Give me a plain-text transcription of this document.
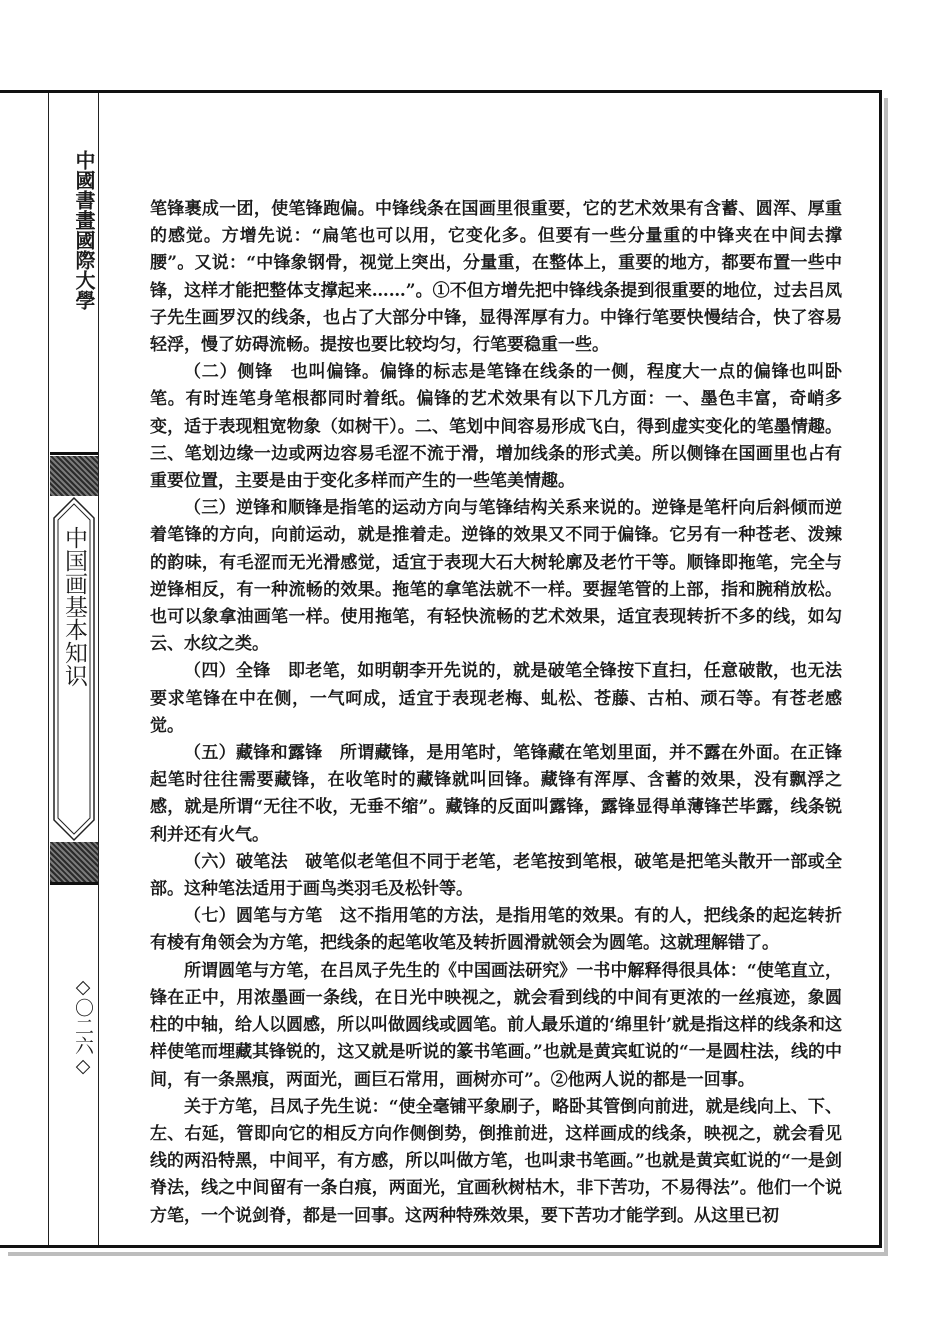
中國書畫國際大學
中国画基本知识
◇〇二六◇

笔锋裹成一团，使笔锋跑偏。中锋线条在国画里很重要，它的艺术效果有含蓄、圆浑、厚重的感觉。方增先说：“扁笔也可以用，它变化多。但要有一些分量重的中锋夹在中间去撑腰”。又说：“中锋象钢骨，视觉上突出，分量重，在整体上，重要的地方，都要布置一些中锋，这样才能把整体支撑起来……”。①不但方增先把中锋线条提到很重要的地位，过去吕凤子先生画罗汉的线条，也占了大部分中锋，显得浑厚有力。中锋行笔要快慢结合，快了容易轻浮，慢了妨碍流畅。提按也要比较均匀，行笔要稳重一些。

（二）侧锋　也叫偏锋。偏锋的标志是笔锋在线条的一侧，程度大一点的偏锋也叫卧笔。有时连笔身笔根都同时着纸。偏锋的艺术效果有以下几方面：一、墨色丰富，奇峭多变，适于表现粗宽物象（如树干）。二、笔划中间容易形成飞白，得到虚实变化的笔墨情趣。三、笔划边缘一边或两边容易毛涩不流于滑，增加线条的形式美。所以侧锋在国画里也占有重要位置，主要是由于变化多样而产生的一些笔美情趣。

（三）逆锋和顺锋是指笔的运动方向与笔锋结构关系来说的。逆锋是笔杆向后斜倾而逆着笔锋的方向，向前运动，就是推着走。逆锋的效果又不同于偏锋。它另有一种苍老、泼辣的韵味，有毛涩而无光滑感觉，适宜于表现大石大树轮廓及老竹干等。顺锋即拖笔，完全与逆锋相反，有一种流畅的效果。拖笔的拿笔法就不一样。要握笔管的上部，指和腕稍放松。也可以象拿油画笔一样。使用拖笔，有轻快流畅的艺术效果，适宜表现转折不多的线，如勾云、水纹之类。

（四）全锋　即老笔，如明朝李开先说的，就是破笔全锋按下直扫，任意破散，也无法要求笔锋在中在侧，一气呵成，适宜于表现老梅、虬松、苍藤、古柏、顽石等。有苍老感觉。

（五）藏锋和露锋　所谓藏锋，是用笔时，笔锋藏在笔划里面，并不露在外面。在正锋起笔时往往需要藏锋，在收笔时的藏锋就叫回锋。藏锋有浑厚、含蓄的效果，没有飘浮之感，就是所谓“无往不收，无垂不缩”。藏锋的反面叫露锋，露锋显得单薄锋芒毕露，线条锐利并还有火气。

（六）破笔法　破笔似老笔但不同于老笔，老笔按到笔根，破笔是把笔头散开一部或全部。这种笔法适用于画鸟类羽毛及松针等。

（七）圆笔与方笔　这不指用笔的方法，是指用笔的效果。有的人，把线条的起迄转折有棱有角领会为方笔，把线条的起笔收笔及转折圆滑就领会为圆笔。这就理解错了。

所谓圆笔与方笔，在吕凤子先生的《中国画法研究》一书中解释得很具体：“使笔直立，锋在正中，用浓墨画一条线，在日光中映视之，就会看到线的中间有更浓的一丝痕迹，象圆柱的中轴，给人以圆感，所以叫做圆线或圆笔。前人最乐道的‘绵里针’就是指这样的线条和这样使笔而埋藏其锋锐的，这又就是听说的篆书笔画。”也就是黄宾虹说的“一是圆柱法，线的中间，有一条黑痕，两面光，画巨石常用，画树亦可”。②他两人说的都是一回事。

关于方笔，吕凤子先生说：“使全毫铺平象刷子，略卧其管倒向前进，就是线向上、下、左、右延，管即向它的相反方向作侧倒势，倒推前进，这样画成的线条，映视之，就会看见线的两沿特黑，中间平，有方感，所以叫做方笔，也叫隶书笔画。”也就是黄宾虹说的“一是剑脊法，线之中间留有一条白痕，两面光，宜画秋树枯木，非下苦功，不易得法”。他们一个说方笔，一个说剑脊，都是一回事。这两种特殊效果，要下苦功才能学到。从这里已初
